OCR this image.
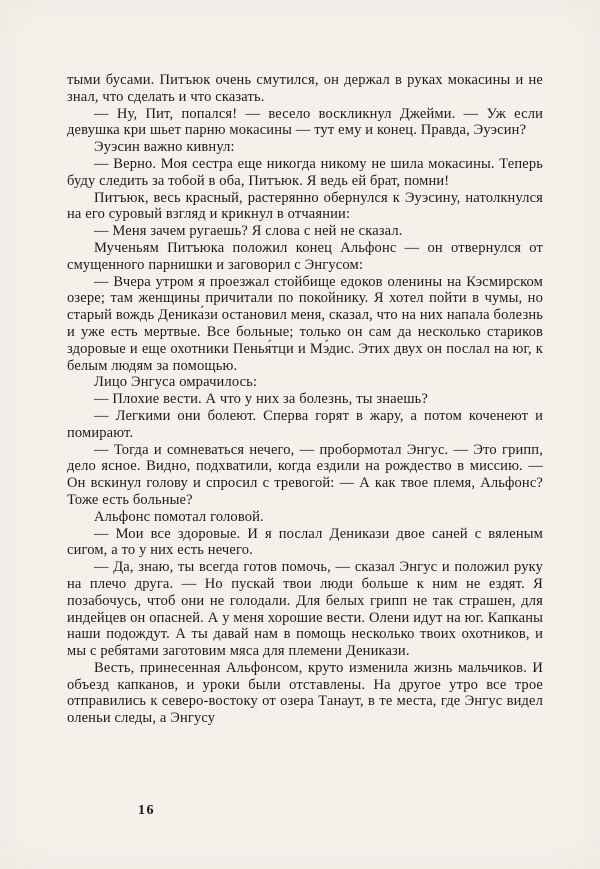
тыми бусами. Питъюк очень смутился, он держал в руках мокасины и не знал, что сделать и что сказать.

— Ну, Пит, попался! — весело воскликнул Джейми. — Уж если девушка кри шьет парню мокасины — тут ему и конец. Правда, Эуэсин?

Эуэсин важно кивнул:

— Верно. Моя сестра еще никогда никому не шила мокасины. Теперь буду следить за тобой в оба, Питъюк. Я ведь ей брат, помни!

Питъюк, весь красный, растерянно обернулся к Эуэсину, натолкнулся на его суровый взгляд и крикнул в отчаянии:

— Меня зачем ругаешь? Я слова с ней не сказал.

Мученьям Питъюка положил конец Альфонс — он отвернулся от смущенного парнишки и заговорил с Энгусом:

— Вчера утром я проезжал стойбище едоков оленины на Кэсмирском озере; там женщины причитали по покойнику. Я хотел пойти в чумы, но старый вождь Деника́зи остановил меня, сказал, что на них напала болезнь и уже есть мертвые. Все больные; только он сам да несколько стариков здоровые и еще охотники Пенья́тци и Мэ́дис. Этих двух он послал на юг, к белым людям за помощью.

Лицо Энгуса омрачилось:

— Плохие вести. А что у них за болезнь, ты знаешь?

— Легкими они болеют. Сперва горят в жару, а потом коченеют и помирают.

— Тогда и сомневаться нечего, — пробормотал Энгус. — Это грипп, дело ясное. Видно, подхватили, когда ездили на рождество в миссию. — Он вскинул голову и спросил с тревогой: — А как твое племя, Альфонс? Тоже есть больные?

Альфонс помотал головой.

— Мои все здоровые. И я послал Деникази двое саней с вяленым сигом, а то у них есть нечего.

— Да, знаю, ты всегда готов помочь, — сказал Энгус и положил руку на плечо друга. — Но пускай твои люди больше к ним не ездят. Я позабочусь, чтоб они не голодали. Для белых грипп не так страшен, для индейцев он опасней. А у меня хорошие вести. Олени идут на юг. Капканы наши подождут. А ты давай нам в помощь несколько твоих охотников, и мы с ребятами заготовим мяса для племени Деникази.

Весть, принесенная Альфонсом, круто изменила жизнь мальчиков. И объезд капканов, и уроки были отставлены. На другое утро все трое отправились к северо-востоку от озера Танаут, в те места, где Энгус видел оленьи следы, а Энгусу

16
